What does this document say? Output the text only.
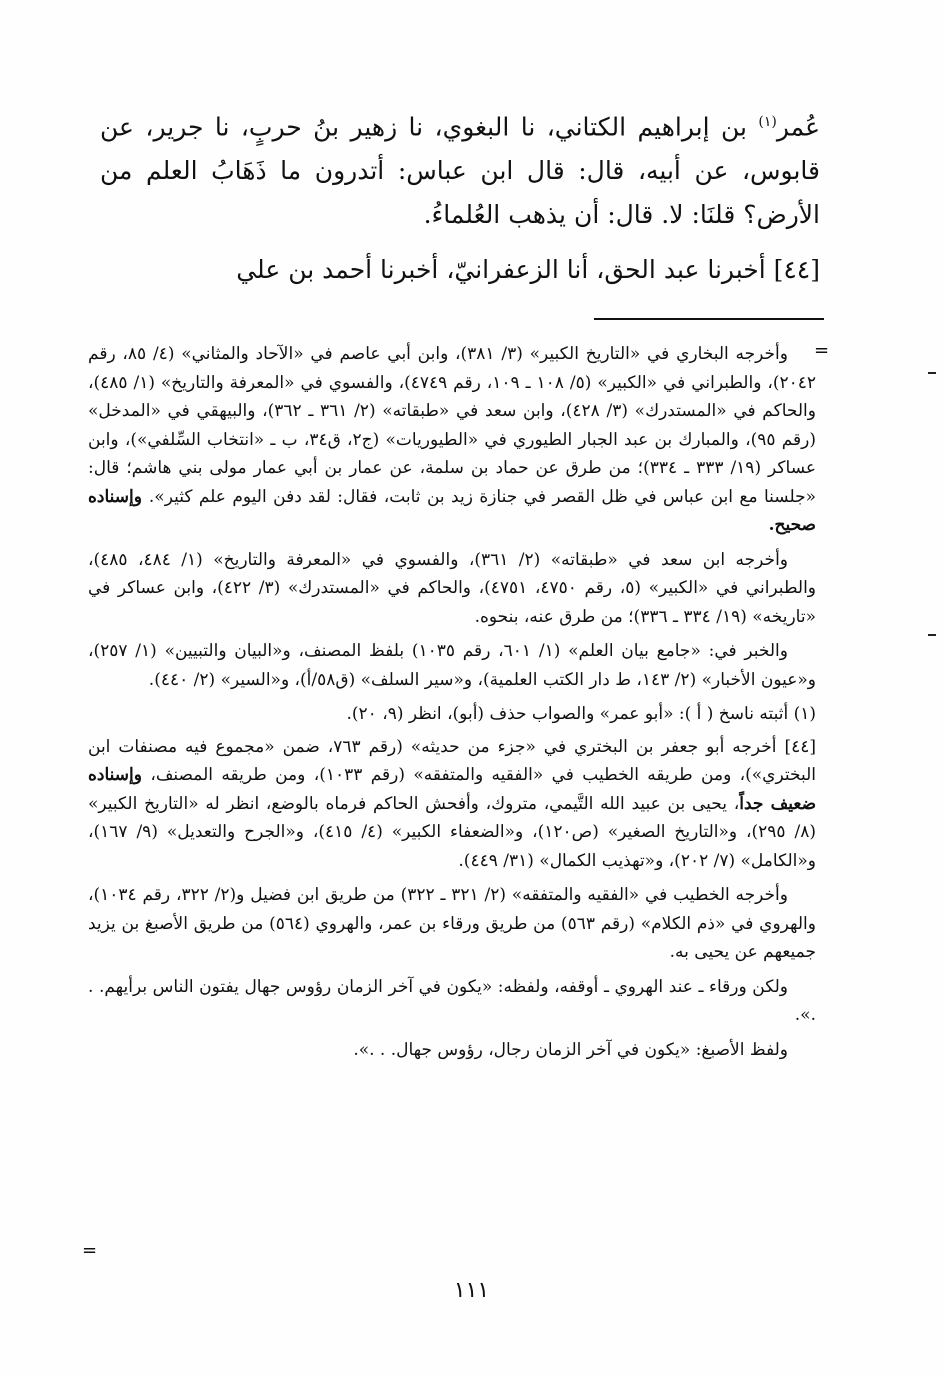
عُمر$^{(١)}$ بن إبراهيم الكتاني، نا البغوي، نا زهير بنُ حربٍ، نا جرير، عن قابوس، عن أبيه، قال: قال ابن عباس: أتدرون ما ذَهَابُ العلم من الأرض؟ قلنَا: لا. قال: أن يذهب العُلماءُ.

[٤٤] أخبرنا عبد الحق، أنا الزعفرانيّ، أخبرنا أحمد بن علي

=

وأخرجه البخاري في «التاريخ الكبير» (٣/ ٣٨١)، وابن أبي عاصم في «الآحاد والمثاني» (٤/ ٨٥، رقم ٢٠٤٢)، والطبراني في «الكبير» (٥/ ١٠٨ ـ ١٠٩، رقم ٤٧٤٩)، والفسوي في «المعرفة والتاريخ» (١/ ٤٨٥)، والحاكم في «المستدرك» (٣/ ٤٢٨)، وابن سعد في «طبقاته» (٢/ ٣٦١ ـ ٣٦٢)، والبيهقي في «المدخل» (رقم ٩٥)، والمبارك بن عبد الجبار الطيوري في «الطيوريات» (ج٢، ق٣٤، ب ـ «انتخاب السِّلفي»)، وابن عساكر (١٩/ ٣٣٣ ـ ٣٣٤)؛ من طرق عن حماد بن سلمة، عن عمار بن أبي عمار مولى بني هاشم؛ قال: «جلسنا مع ابن عباس في ظل القصر في جنازة زيد بن ثابت، فقال: لقد دفن اليوم علم كثير». وإسناده صحيح.

وأخرجه ابن سعد في «طبقاته» (٢/ ٣٦١)، والفسوي في «المعرفة والتاريخ» (١/ ٤٨٤، ٤٨٥)، والطبراني في «الكبير» (٥، رقم ٤٧٥٠، ٤٧٥١)، والحاكم في «المستدرك» (٣/ ٤٢٢)، وابن عساكر في «تاريخه» (١٩/ ٣٣٤ ـ ٣٣٦)؛ من طرق عنه، بنحوه.

والخبر في: «جامع بيان العلم» (١/ ٦٠١، رقم ١٠٣٥) بلفظ المصنف، و«البيان والتبيين» (١/ ٢٥٧)، و«عيون الأخبار» (٢/ ١٤٣، ط دار الكتب العلمية)، و«سير السلف» (ق٥٨/أ)، و«السير» (٢/ ٤٤٠).

(١) أثبته ناسخ ( أ ): «أبو عمر» والصواب حذف (أبو)، انظر (٩، ٢٠).

[٤٤] أخرجه أبو جعفر بن البختري في «جزء من حديثه» (رقم ٧٦٣، ضمن «مجموع فيه مصنفات ابن البختري»)، ومن طريقه الخطيب في «الفقيه والمتفقه» (رقم ١٠٣٣)، ومن طريقه المصنف، وإسناده ضعيف جداً، يحيى بن عبيد الله التَّيمي، متروك، وأفحش الحاكم فرماه بالوضع، انظر له «التاريخ الكبير» (٨/ ٢٩٥)، و«التاريخ الصغير» (ص١٢٠)، و«الضعفاء الكبير» (٤/ ٤١٥)، و«الجرح والتعديل» (٩/ ١٦٧)، و«الكامل» (٧/ ٢٠٢)، و«تهذيب الكمال» (٣١/ ٤٤٩).

وأخرجه الخطيب في «الفقيه والمتفقه» (٢/ ٣٢١ ـ ٣٢٢) من طريق ابن فضيل و(٢/ ٣٢٢، رقم ١٠٣٤)، والهروي في «ذم الكلام» (رقم ٥٦٣) من طريق ورقاء بن عمر، والهروي (٥٦٤) من طريق الأصبغ بن يزيد جميعهم عن يحيى به.

ولكن ورقاء ـ عند الهروي ـ أوقفه، ولفظه: «يكون في آخر الزمان رؤوس جهال يفتون الناس برأيهم. . .».

ولفظ الأصبغ: «يكون في آخر الزمان رجال، رؤوس جهال. . .».

=
١١١
